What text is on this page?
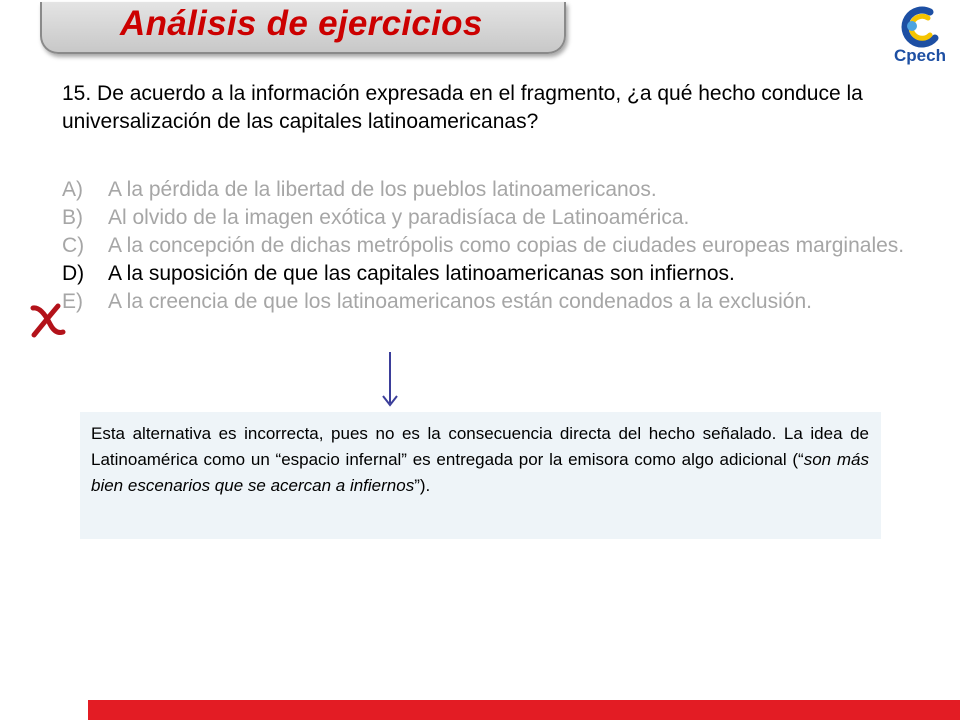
Análisis de ejercicios
Cpech
15. De acuerdo a la información expresada en el fragmento, ¿a qué hecho conduce la universalización de las capitales latinoamericanas?
A) A la pérdida de la libertad de los pueblos latinoamericanos.
B) Al olvido de la imagen exótica y paradisíaca de Latinoamérica.
C) A la concepción de dichas metrópolis como copias de ciudades europeas marginales.
D) A la suposición de que las capitales latinoamericanas son infiernos.
E) A la creencia de que los latinoamericanos están condenados a la exclusión.
Esta alternativa es incorrecta, pues no es la consecuencia directa del hecho señalado. La idea de Latinoamérica como un “espacio infernal” es entregada por la emisora como algo adicional (“son más bien escenarios que se acercan a infiernos”).
